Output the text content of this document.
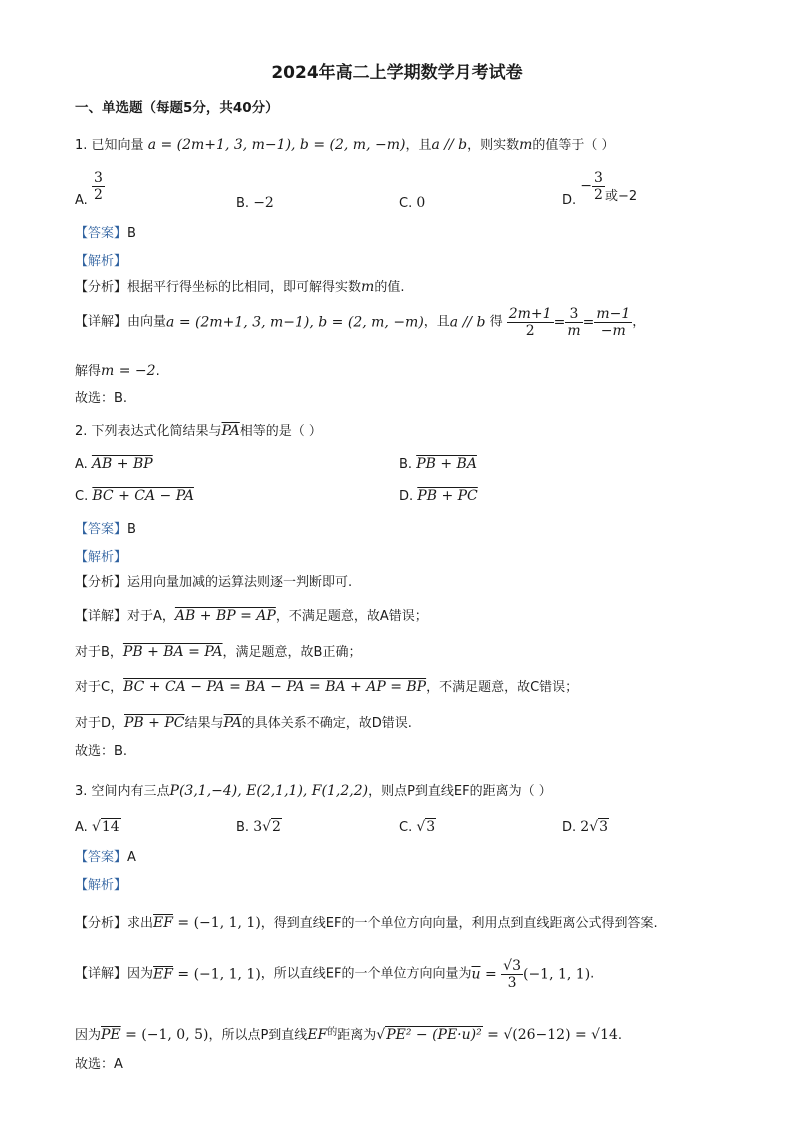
2024年高二上学期数学月考试卷
一、单选题（每题5分，共40分）
1. 已知向量 a = (2m+1, 3, m−1), b = (2, m, −m)，且a // b，则实数m的值等于（ ）
A. $\frac{3}{2}$
B. −2	C. 0	D. − $\frac{3}{2}$ 或−2
【答案】B
【解析】
【分析】根据平行得坐标的比相同，即可解得实数m的值.
【详解】由向量a = (2m+1, 3, m−1), b = (2, m, −m)，且a // b 得 $\frac{2m+1}{2} = \frac{3}{m} = \frac{m-1}{-m}$ ，
解得m = −2.
故选：B.
2. 下列表达式化简结果与$\overline{PA}$相等的是（ ）
A. AB + BP	B. PB + BA
C. BC + CA − PA	D. PB + PC
【答案】B
【解析】
【分析】运用向量加减的运算法则逐一判断即可.
【详解】对于A，AB + BP = AP，不满足题意，故A错误；
对于B，PB + BA = PA，满足题意，故B正确；
对于C，BC + CA − PA = BA − PA = BA + AP = BP，不满足题意，故C错误；
对于D，PB + PC结果与$\overline{PA}$的具体关系不确定，故D错误.
故选：B.
3. 空间内有三点P(3,1,−4), E(2,1,1), F(1,2,2)，则点P到直线EF的距离为（ ）
A. √14	B. 3√2	C. √3	D. 2√3
【答案】A
【解析】
【分析】求出$\overline{EF} = (-1$, 1, 1)，得到直线EF的一个单位方向向量，利用点到直线距离公式得到答案.
【详解】因为$\overline{EF} = (-1$, 1, 1)，所以直线EF的一个单位方向向量为$\overline{u} = \frac{√3}{3} (-1$, 1, 1).
因为$\overline{PE} = (-1$, 0, 5)，所以点P到直线$EF^的$距离为√PE² − (PE·u)² = √(26−12) = √14.
故选：A
